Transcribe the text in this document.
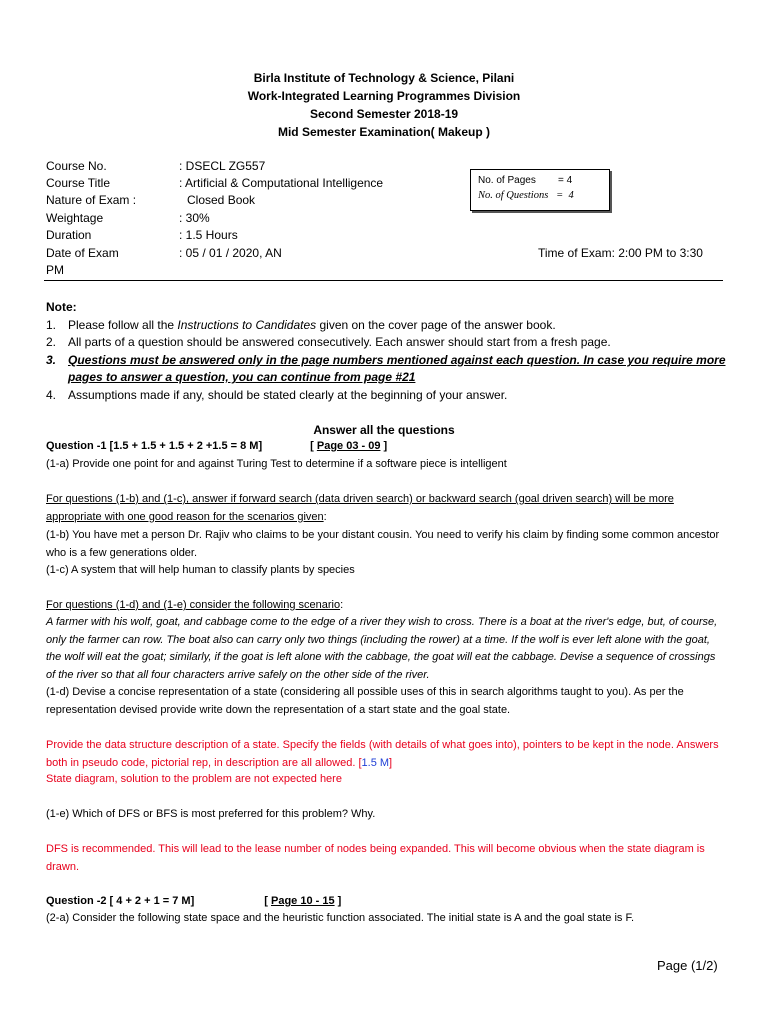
Birla Institute of Technology & Science, Pilani
Work-Integrated Learning Programmes Division
Second Semester 2018-19
Mid Semester Examination( Makeup )
Course No.	: DSECL ZG557
Course Title	: Artificial & Computational Intelligence
Nature of Exam :	Closed Book
Weightage	: 30%
Duration	: 1.5 Hours
Date of Exam	: 05 / 01 / 2020, AN	Time of Exam: 2:00 PM to 3:30
PM
No. of Pages        = 4
No. of Questions   =  4
Note:
1. Please follow all the Instructions to Candidates given on the cover page of the answer book.
2. All parts of a question should be answered consecutively. Each answer should start from a fresh page.
3. Questions must be answered only in the page numbers mentioned against each question. In case you require more pages to answer a question, you can continue from page #21
4. Assumptions made if any, should be stated clearly at the beginning of your answer.
Answer all the questions
Question -1 [1.5 + 1.5 + 1.5 + 2 +1.5 = 8 M]	[ Page 03 - 09 ]
(1-a) Provide one point for and against Turing Test to determine if a software piece is intelligent
For questions (1-b) and (1-c), answer if forward search (data driven search) or backward search (goal driven search) will be more appropriate with one good reason for the scenarios given:
(1-b) You have met a person Dr. Rajiv who claims to be your distant cousin. You need to verify his claim by finding some common ancestor who is a few generations older.
(1-c) A system that will help human to classify plants by species
For questions (1-d) and (1-e) consider the following scenario:
A farmer with his wolf, goat, and cabbage come to the edge of a river they wish to cross. There is a boat at the river's edge, but, of course, only the farmer can row. The boat also can carry only two things (including the rower) at a time. If the wolf is ever left alone with the goat, the wolf will eat the goat; similarly, if the goat is left alone with the cabbage, the goat will eat the cabbage. Devise a sequence of crossings of the river so that all four characters arrive safely on the other side of the river.
(1-d) Devise a concise representation of a state (considering all possible uses of this in search algorithms taught to you). As per the representation devised provide write down the representation of a start state and the goal state.
Provide the data structure description of a state. Specify the fields (with details of what goes into), pointers to be kept in the node. Answers both in pseudo code, pictorial rep, in description are all allowed. [1.5 M]
State diagram, solution to the problem are not expected here
(1-e) Which of DFS or BFS is most preferred for this problem? Why.
DFS is recommended. This will lead to the lease number of nodes being expanded. This will become obvious when the state diagram is drawn.
Question -2 [ 4 + 2 + 1 = 7 M]	[ Page 10 - 15 ]
(2-a) Consider the following state space and the heuristic function associated. The initial state is A and the goal state is F.
Page (1/2)
